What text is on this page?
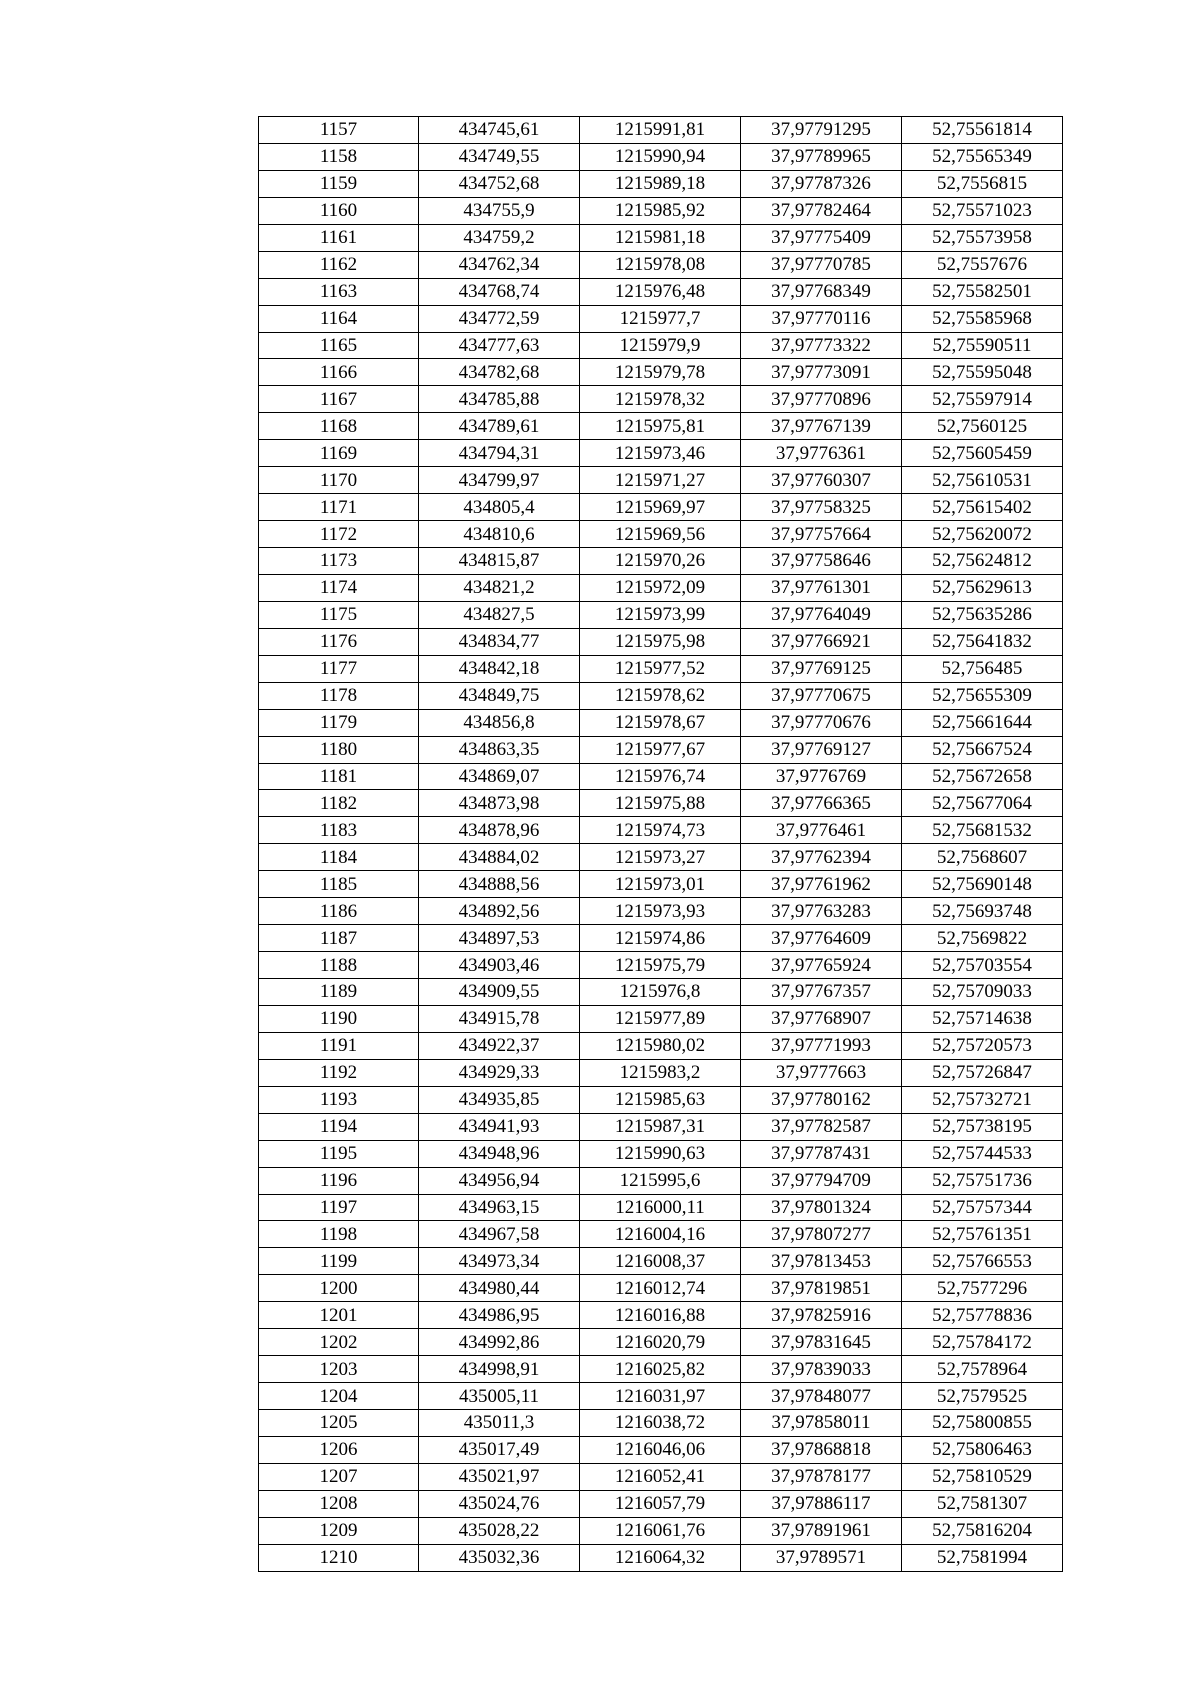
1157	434745,61	1215991,81	37,97791295	52,75561814
1158	434749,55	1215990,94	37,97789965	52,75565349
1159	434752,68	1215989,18	37,97787326	52,7556815
1160	434755,9	1215985,92	37,97782464	52,75571023
1161	434759,2	1215981,18	37,97775409	52,75573958
1162	434762,34	1215978,08	37,97770785	52,7557676
1163	434768,74	1215976,48	37,97768349	52,75582501
1164	434772,59	1215977,7	37,97770116	52,75585968
1165	434777,63	1215979,9	37,97773322	52,75590511
1166	434782,68	1215979,78	37,97773091	52,75595048
1167	434785,88	1215978,32	37,97770896	52,75597914
1168	434789,61	1215975,81	37,97767139	52,7560125
1169	434794,31	1215973,46	37,9776361	52,75605459
1170	434799,97	1215971,27	37,97760307	52,75610531
1171	434805,4	1215969,97	37,97758325	52,75615402
1172	434810,6	1215969,56	37,97757664	52,75620072
1173	434815,87	1215970,26	37,97758646	52,75624812
1174	434821,2	1215972,09	37,97761301	52,75629613
1175	434827,5	1215973,99	37,97764049	52,75635286
1176	434834,77	1215975,98	37,97766921	52,75641832
1177	434842,18	1215977,52	37,97769125	52,756485
1178	434849,75	1215978,62	37,97770675	52,75655309
1179	434856,8	1215978,67	37,97770676	52,75661644
1180	434863,35	1215977,67	37,97769127	52,75667524
1181	434869,07	1215976,74	37,9776769	52,75672658
1182	434873,98	1215975,88	37,97766365	52,75677064
1183	434878,96	1215974,73	37,9776461	52,75681532
1184	434884,02	1215973,27	37,97762394	52,7568607
1185	434888,56	1215973,01	37,97761962	52,75690148
1186	434892,56	1215973,93	37,97763283	52,75693748
1187	434897,53	1215974,86	37,97764609	52,7569822
1188	434903,46	1215975,79	37,97765924	52,75703554
1189	434909,55	1215976,8	37,97767357	52,75709033
1190	434915,78	1215977,89	37,97768907	52,75714638
1191	434922,37	1215980,02	37,97771993	52,75720573
1192	434929,33	1215983,2	37,9777663	52,75726847
1193	434935,85	1215985,63	37,97780162	52,75732721
1194	434941,93	1215987,31	37,97782587	52,75738195
1195	434948,96	1215990,63	37,97787431	52,75744533
1196	434956,94	1215995,6	37,97794709	52,75751736
1197	434963,15	1216000,11	37,97801324	52,75757344
1198	434967,58	1216004,16	37,97807277	52,75761351
1199	434973,34	1216008,37	37,97813453	52,75766553
1200	434980,44	1216012,74	37,97819851	52,7577296
1201	434986,95	1216016,88	37,97825916	52,75778836
1202	434992,86	1216020,79	37,97831645	52,75784172
1203	434998,91	1216025,82	37,97839033	52,7578964
1204	435005,11	1216031,97	37,97848077	52,7579525
1205	435011,3	1216038,72	37,97858011	52,75800855
1206	435017,49	1216046,06	37,97868818	52,75806463
1207	435021,97	1216052,41	37,97878177	52,75810529
1208	435024,76	1216057,79	37,97886117	52,7581307
1209	435028,22	1216061,76	37,97891961	52,75816204
1210	435032,36	1216064,32	37,9789571	52,7581994
